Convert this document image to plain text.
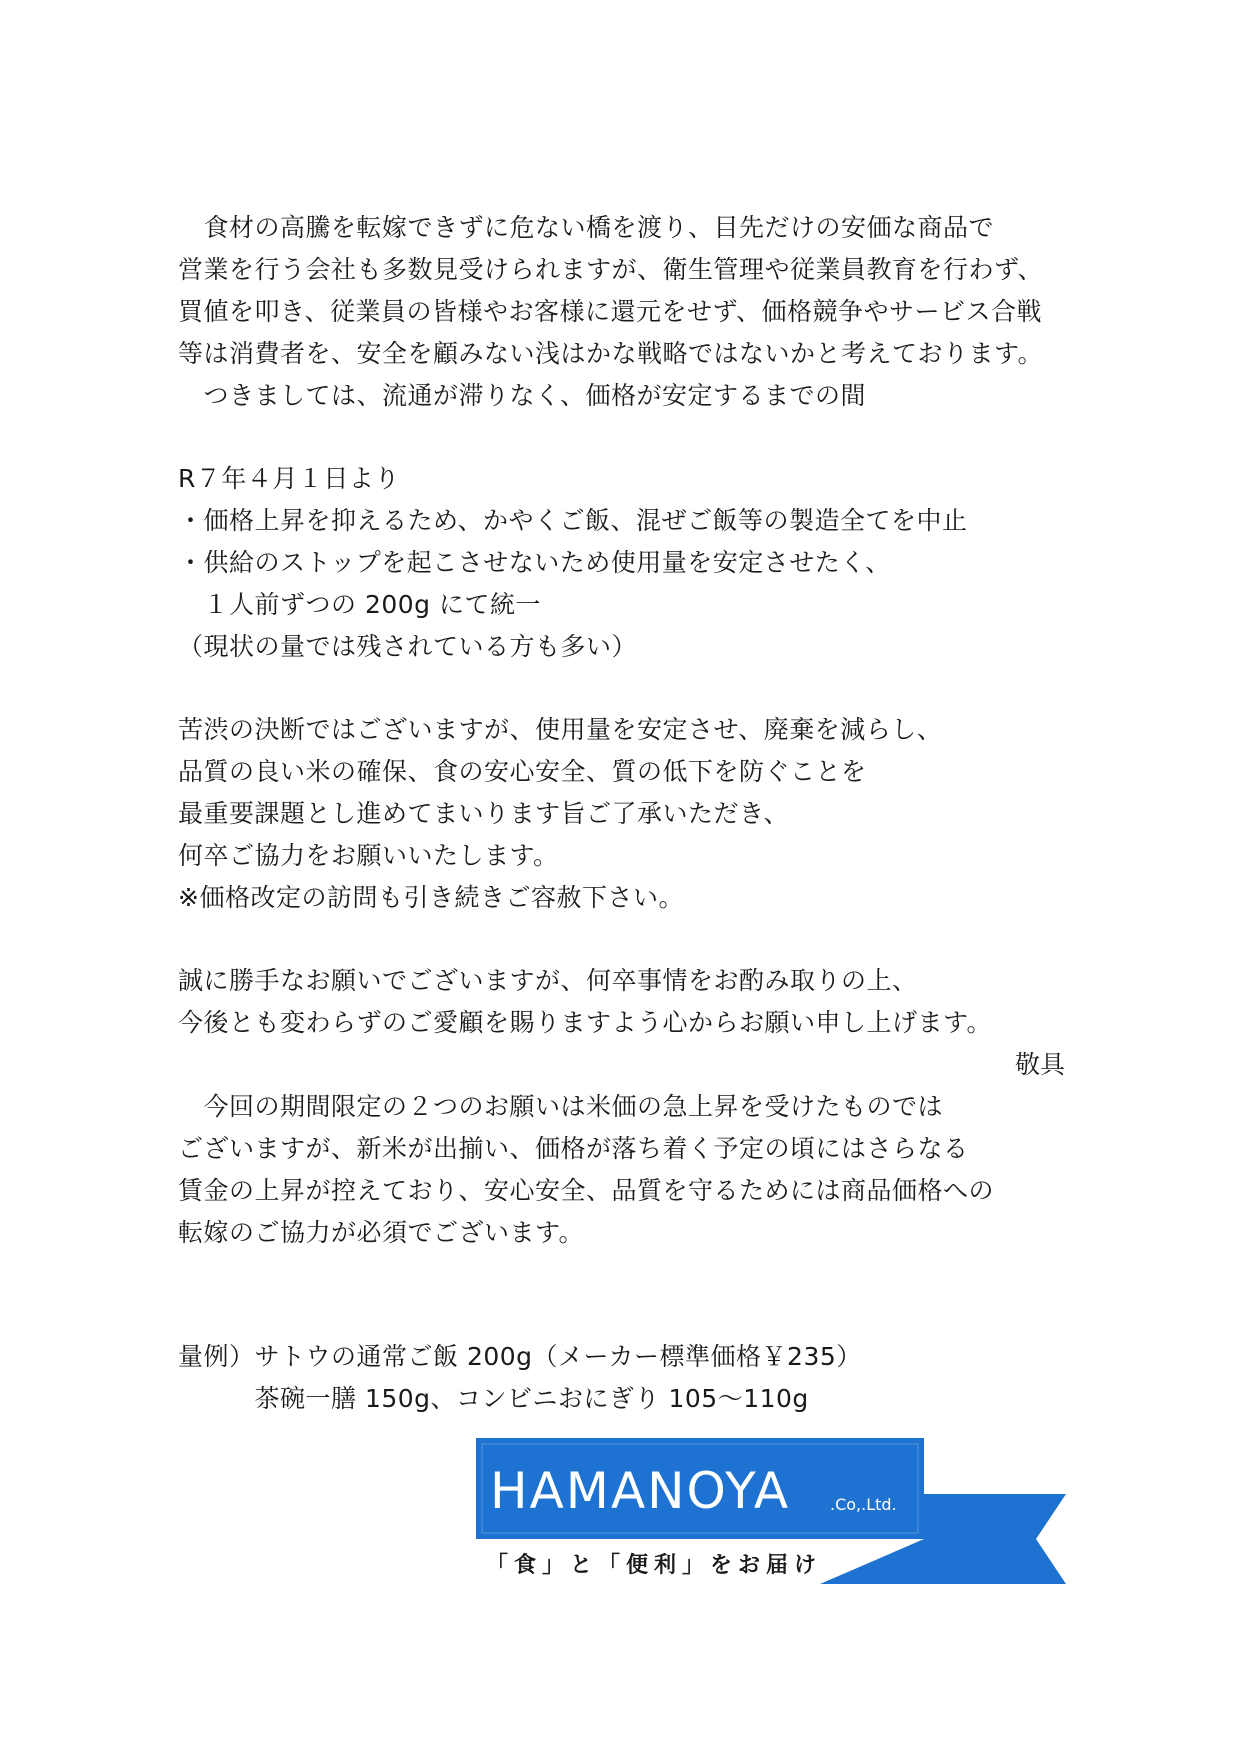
　食材の高騰を転嫁できずに危ない橋を渡り、目先だけの安価な商品で
営業を行う会社も多数見受けられますが、衛生管理や従業員教育を行わず、
買値を叩き、従業員の皆様やお客様に還元をせず、価格競争やサービス合戦
等は消費者を、安全を顧みない浅はかな戦略ではないかと考えております。
　つきましては、流通が滞りなく、価格が安定するまでの間
R７年４月１日より
・価格上昇を抑えるため、かやくご飯、混ぜご飯等の製造全てを中止
・供給のストップを起こさせないため使用量を安定させたく、
　１人前ずつの 200g にて統一
（現状の量では残されている方も多い）
苦渋の決断ではございますが、使用量を安定させ、廃棄を減らし、
品質の良い米の確保、食の安心安全、質の低下を防ぐことを
最重要課題とし進めてまいります旨ご了承いただき、
何卒ご協力をお願いいたします。
※価格改定の訪問も引き続きご容赦下さい。
誠に勝手なお願いでございますが、何卒事情をお酌み取りの上、
今後とも変わらずのご愛顧を賜りますよう心からお願い申し上げます。
敬具
　今回の期間限定の２つのお願いは米価の急上昇を受けたものでは
ございますが、新米が出揃い、価格が落ち着く予定の頃にはさらなる
賃金の上昇が控えており、安心安全、品質を守るためには商品価格への
転嫁のご協力が必須でございます。
量例）サトウの通常ご飯 200g（メーカー標準価格￥235）
　　　茶碗一膳 150g、コンビニおにぎり 105～110g
HAMANOYA .Co,.Ltd.
「食」と「便利」をお届け
